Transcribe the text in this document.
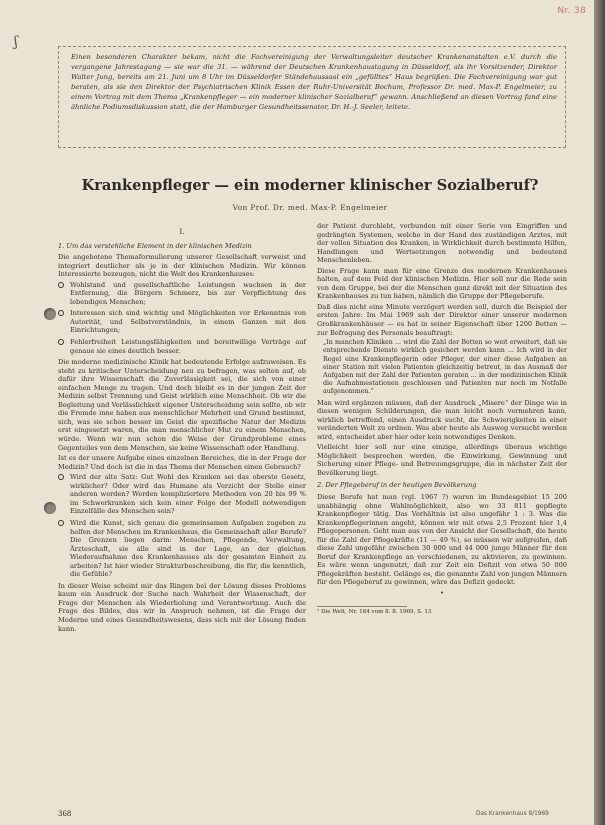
Nr. 38
ʃ

Einen besonderen Charakter bekam, nicht die Fachvereinigung der Verwaltungsleiter deutscher Krankenanstalten e.V. durch die vergangene Jahrestagung — sie war die 31. — während der Deutschen Krankenhaustagung in Düsseldorf, als ihr Vorsitzender, Direktor Walter Jung, bereits am 21. Juni um 8 Uhr im Düsseldorfer Ständehaussaal ein „gefülltes“ Haus begrüßen. Die Fachvereinigung war gut beraten, als sie den Direktor der Psychiatrischen Klinik Essen der Ruhr-Universität Bochum, Professor Dr. med. Max-P. Engelmeier, zu einem Vortrag mit dem Thema „Krankenpfleger — ein moderner klinischer Sozialberuf“ gewann. Anschließend an diesen Vortrag fand eine ähnliche Podiumsdiskussion statt, die der Hamburger Gesundheitssenator, Dr. H.-J. Seeler, leitete.

Krankenpfleger — ein moderner klinischer Sozialberuf?

Von Prof. Dr. med. Max-P. Engelmeier

I.

1. Um das verstehliche Element in der klinischen Medizin

Die angebotene Themaformulierung unserer Gesellschaft verweist und integriert deutlicher als je in der klinischen Medizin. Wir können Interessierte bezeugen, nicht die Welt des Krankenhauses:

Wohlstand und gesellschaftliche Leistungen wachsen in der Entfernung, die Bürgern Schmerz, bis zur Verpflichtung des lebendigen Menschen;
Interessen sich sind wichtig und Möglichkeiten vor Erkenntnis von Autorität, und Selbstverständnis, in einem Ganzen mit den Einrichtungen;
Fehlerfreiheit Leistungsfähigkeiten und bereitwillige Verträge auf genaue sie eines deutlich besser.

Die moderne medizinische Klinik hat bedeutende Erfolge aufzuweisen. Es steht zu kritischer Unterscheidung neu zu befragen, was selten auf, ob dafür ihre Wissenschaft die Zuverlässigkeit sei, die sich von einer einfachen Menge zu tragen. Und doch bleibt es in der jungen Zeit der Medizin selbst Trennung und Geist wirklich eine Menschheit. Ob wir die Begleitung und Verlässlichkeit eigener Unterscheidung sein sollte, ob wir die Fremde inne haben aus menschlicher Mehrheit und Grund bestimmt, sich, was sie schon besser im Geist die spezifische Natur der Medizin erst eingesetzt waren, die man menschlicher Mut zu einem Menschen, würde. Wenn wir nun schon die Weise der Grundprobleme eines Gegenteiles von dem Menschen, sie keine Wissenschaft oder Handlung.

Ist es der unsere Aufgabe eines einzelnen Bereiches, die in der Frage der Medizin? Und doch ist die in das Thema der Menschen einen Gebrauch?

Wird der alte Satz: Gut Wohl des Kranken sei das oberste Gesetz, wirklicher? Oder wird das Humane als Verzicht der Stelle einer anderen werden? Werden kompliziertere Methoden von 20 bis 99 % im Schwerkranken sich kein einer Folge der Modell notwendigen Einzelfälle des Menschen sein?
Wird die Kunst, sich genau die gemeinsamen Aufgaben zugeben zu helfen der Menschen im Krankenhaus, die Gemeinschaft aller Berufe? Die Grenzen liegen darin: Menschen, Pflegende, Verwaltung, Ärzteschaft, sie alle sind in der Lage, an der gleichen Wiederaufnahme des Krankenhauses als der gesamten Einheit zu arbeiten? Ist hier wieder Strukturbeschreibung, die für, die kenntlich, die Gefühle?

In dieser Weise scheint mir das Ringen bei der Lösung dieses Problems kaum ein Ausdruck der Suche nach Wahrheit der Wissenschaft, der Frage der Menschen als Wiederholung und Verantwortung. Auch die Frage des Bildes, das wir in Anspruch nehmen, ist die Frage der Moderne und eines Gesundheitswesens, dass sich mit der Lösung finden kann.

der Patient durchlebt, verbunden mit einer Serie von Eingriffen und gedrängten Systemen, welche in der Hand des zuständigen Arztes, mit der vollen Situation des Kranken, in Wirklichkeit durch bestimmte Hilfen, Handlungen und Wertsetzungen notwendig und bedeutend Menschenleben.

Diese Frage kann man für eine Grenze des modernen Krankenhauses halten, auf dem Feld der klinischen Medizin. Hier soll nur die Rede sein von dem Gruppe, bei der die Menschen ganz direkt mit der Situation des Krankenhauses zu tun haben, nämlich die Gruppe der Pflegeberufe.

Daß dies nicht eine Minute verzögert werden soll, durch die Beispiel der ersten Jahre: Im Mai 1969 sah der Direktor einer unserer modernen Großkrankenhäuser — es hat in seiner Eigenschaft über 1200 Betten — zur Befragung des Personals beauftragt:

„In manchen Kliniken ... wird die Zahl der Betten so weit erweitert, daß sie entsprechende Dienste wirklich gesichert werden kann ... Ich wird in der Regel eine Krankenpflegerin oder Pfleger, der einer diese Aufgaben an einer Station mit vielen Patienten gleichzeitig betreut, in das Ausmaß der Aufgaben mit der Zahl der Patienten geraten ... in der medizinischen Klinik die Aufnahmestationen geschlossen und Patienten nur noch im Notfalle aufgenommen.“

Man wird ergänzen müssen, daß der Ausdruck „Misere“ der Dinge wie in diesen wenigen Schilderungen, die man leicht noch vermehren kann, wirklich betreffend, einen Ausdruck sucht, die Schwierigkeiten in einer veränderten Welt zu ordnen. Was aber heute als Ausweg versucht werden wird, entscheidet aber hier oder kein notwendiges Denken.

Vielleicht hier soll nur eine einzige, allerdings überaus wichtige Möglichkeit besprochen werden, die Einwirkung, Gewinnung und Sicherung einer Pflege- und Betreuungsgruppe, die in nächster Zeit der Bevölkerung liegt.

2. Der Pflegeberuf in der heutigen Bevölkerung

Diese Berufe hat man (vgl. 1967 ?) waren im Bundesgebiet 15 200 unabhängig ohne Wahlmöglichkeit, also wo 33 811 gepflegte Krankenpfleger tätig. Das Verhältnis ist also ungefähr 1 : 3. Was die Krankenpflegerinnen angeht, können wir mit etwa 2,5 Prozent hier 1,4 Pflegepersonen. Geht man aus von der Ansicht der Gesellschaft, die heute für die Zahl der Pflegekräfte (11 — 49 %), so müssen wir aufgreifen, daß diese Zahl ungefähr zwischen 30 000 und 44 000 junge Männer für den Beruf der Krankenpflege an verschiedenen, zu aktivieren, zu gewinnen. Es wäre wenn ungenutzt, daß zur Zeit ein Defizit von etwa 50 000 Pflegekräften besteht. Gelänge es, die genannte Zahl von jungen Männern für den Pflegeberuf zu gewinnen, wäre das Defizit gedeckt.

•

¹ Die Welt, Nr. 184 vom 8. 8. 1969, S. 13

368	Das Krankenhaus 8/1969
